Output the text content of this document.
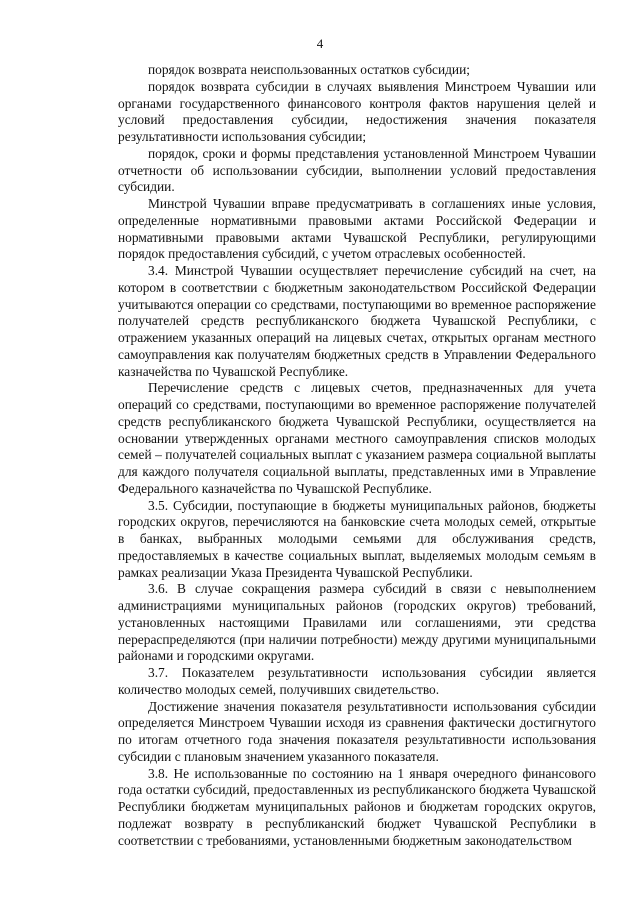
4

порядок возврата неиспользованных остатков субсидии;

порядок возврата субсидии в случаях выявления Минстроем Чувашии или органами государственного финансового контроля фактов нарушения целей и условий предоставления субсидии, недостижения значения показателя результативности использования субсидии;

порядок, сроки и формы представления установленной Минстроем Чувашии отчетности об использовании субсидии, выполнении условий предоставления субсидии.

Минстрой Чувашии вправе предусматривать в соглашениях иные условия, определенные нормативными правовыми актами Российской Федерации и нормативными правовыми актами Чувашской Республики, регулирующими порядок предоставления субсидий, с учетом отраслевых особенностей.

3.4. Минстрой Чувашии осуществляет перечисление субсидий на счет, на котором в соответствии с бюджетным законодательством Российской Федерации учитываются операции со средствами, поступающими во временное распоряжение получателей средств республиканского бюджета Чувашской Республики, с отражением указанных операций на лицевых счетах, открытых органам местного самоуправления как получателям бюджетных средств в Управлении Федерального казначейства по Чувашской Республике.

Перечисление средств с лицевых счетов, предназначенных для учета операций со средствами, поступающими во временное распоряжение получателей средств республиканского бюджета Чувашской Республики, осуществляется на основании утвержденных органами местного самоуправления списков молодых семей – получателей социальных выплат с указанием размера социальной выплаты для каждого получателя социальной выплаты, представленных ими в Управление Федерального казначейства по Чувашской Республике.

3.5. Субсидии, поступающие в бюджеты муниципальных районов, бюджеты городских округов, перечисляются на банковские счета молодых семей, открытые в банках, выбранных молодыми семьями для обслуживания средств, предоставляемых в качестве социальных выплат, выделяемых молодым семьям в рамках реализации Указа Президента Чувашской Республики.

3.6. В случае сокращения размера субсидий в связи с невыполнением администрациями муниципальных районов (городских округов) требований, установленных настоящими Правилами или соглашениями, эти средства перераспределяются (при наличии потребности) между другими муниципальными районами и городскими округами.

3.7. Показателем результативности использования субсидии является количество молодых семей, получивших свидетельство.

Достижение значения показателя результативности использования субсидии определяется Минстроем Чувашии исходя из сравнения фактически достигнутого по итогам отчетного года значения показателя результативности использования субсидии с плановым значением указанного показателя.

3.8. Не использованные по состоянию на 1 января очередного финансового года остатки субсидий, предоставленных из республиканского бюджета Чувашской Республики бюджетам муниципальных районов и бюджетам городских округов, подлежат возврату в республиканский бюджет Чувашской Республики в соответствии с требованиями, установленными бюджетным законодательством
